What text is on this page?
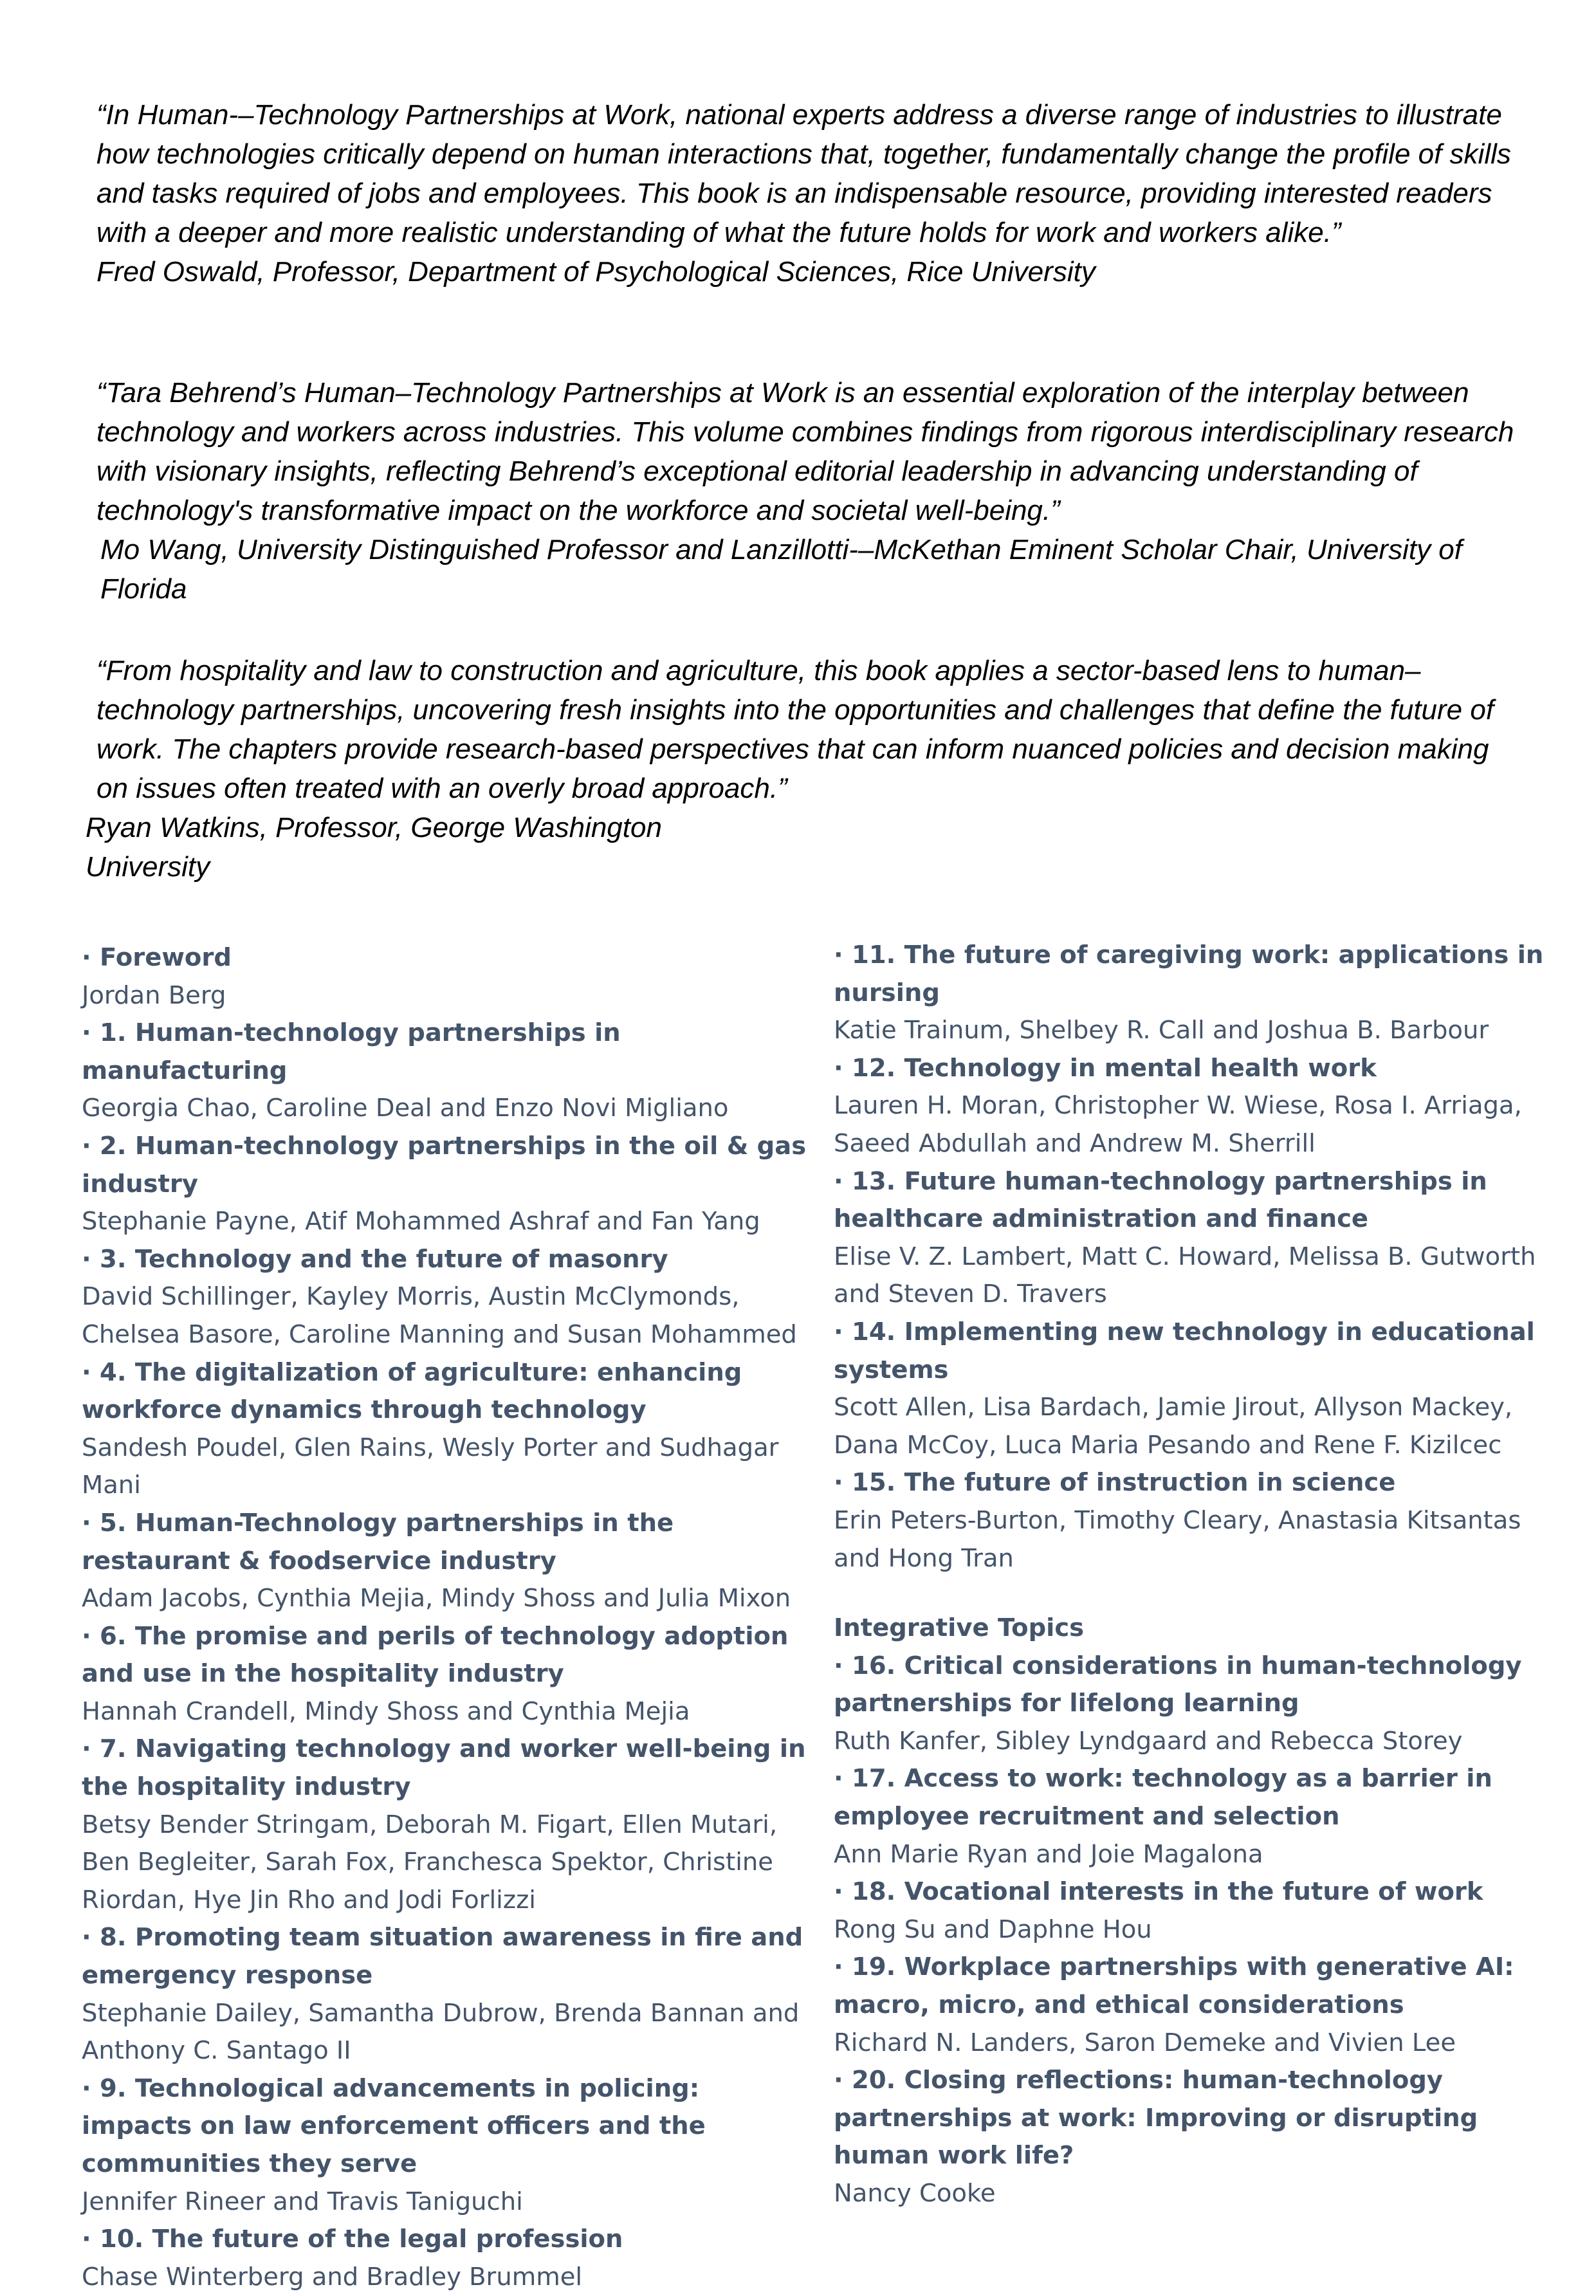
“In Human-–Technology Partnerships at Work, national experts address a diverse range of industries to illustrate how technologies critically depend on human interactions that, together, fundamentally change the profile of skills and tasks required of jobs and employees. This book is an indispensable resource, providing interested readers with a deeper and more realistic understanding of what the future holds for work and workers alike.”

Fred Oswald, Professor, Department of Psychological Sciences, Rice University

“Tara Behrend’s Human–Technology Partnerships at Work is an essential exploration of the interplay between technology and workers across industries. This volume combines findings from rigorous interdisciplinary research with visionary insights, reflecting Behrend’s exceptional editorial leadership in advancing understanding of technology's transformative impact on the workforce and societal well-being.”

Mo Wang, University Distinguished Professor and Lanzillotti-–McKethan Eminent Scholar Chair, University of Florida

“From hospitality and law to construction and agriculture, this book applies a sector-based lens to human–technology partnerships, uncovering fresh insights into the opportunities and challenges that define the future of work. The chapters provide research-based perspectives that can inform nuanced policies and decision making on issues often treated with an overly broad approach.”

Ryan Watkins, Professor, George Washington University

· Foreword
Jordan Berg
· 1. Human-technology partnerships in manufacturing
Georgia Chao, Caroline Deal and Enzo Novi Migliano
· 2. Human-technology partnerships in the oil & gas industry
Stephanie Payne, Atif Mohammed Ashraf and Fan Yang
· 3. Technology and the future of masonry
David Schillinger, Kayley Morris, Austin McClymonds, Chelsea Basore, Caroline Manning and Susan Mohammed
· 4. The digitalization of agriculture: enhancing workforce dynamics through technology
Sandesh Poudel, Glen Rains, Wesly Porter and Sudhagar Mani
· 5. Human-Technology partnerships in the restaurant & foodservice industry
Adam Jacobs, Cynthia Mejia, Mindy Shoss and Julia Mixon
· 6. The promise and perils of technology adoption and use in the hospitality industry
Hannah Crandell, Mindy Shoss and Cynthia Mejia
· 7. Navigating technology and worker well-being in the hospitality industry
Betsy Bender Stringam, Deborah M. Figart, Ellen Mutari, Ben Begleiter, Sarah Fox, Franchesca Spektor, Christine Riordan, Hye Jin Rho and Jodi Forlizzi
· 8. Promoting team situation awareness in fire and emergency response
Stephanie Dailey, Samantha Dubrow, Brenda Bannan and Anthony C. Santago II
· 9. Technological advancements in policing: impacts on law enforcement officers and the communities they serve
Jennifer Rineer and Travis Taniguchi
· 10. The future of the legal profession
Chase Winterberg and Bradley Brummel
· 11. The future of caregiving work: applications in nursing
Katie Trainum, Shelbey R. Call and Joshua B. Barbour
· 12. Technology in mental health work
Lauren H. Moran, Christopher W. Wiese, Rosa I. Arriaga, Saeed Abdullah and Andrew M. Sherrill
· 13. Future human-technology partnerships in healthcare administration and finance
Elise V. Z. Lambert, Matt C. Howard, Melissa B. Gutworth and Steven D. Travers
· 14. Implementing new technology in educational systems
Scott Allen, Lisa Bardach, Jamie Jirout, Allyson Mackey, Dana McCoy, Luca Maria Pesando and Rene F. Kizilcec
· 15. The future of instruction in science
Erin Peters-Burton, Timothy Cleary, Anastasia Kitsantas and Hong Tran
Integrative Topics
· 16. Critical considerations in human-technology partnerships for lifelong learning
Ruth Kanfer, Sibley Lyndgaard and Rebecca Storey
· 17. Access to work: technology as a barrier in employee recruitment and selection
Ann Marie Ryan and Joie Magalona
· 18. Vocational interests in the future of work
Rong Su and Daphne Hou
· 19. Workplace partnerships with generative AI: macro, micro, and ethical considerations
Richard N. Landers, Saron Demeke and Vivien Lee
· 20. Closing reflections: human-technology partnerships at work: Improving or disrupting human work life?
Nancy Cooke
